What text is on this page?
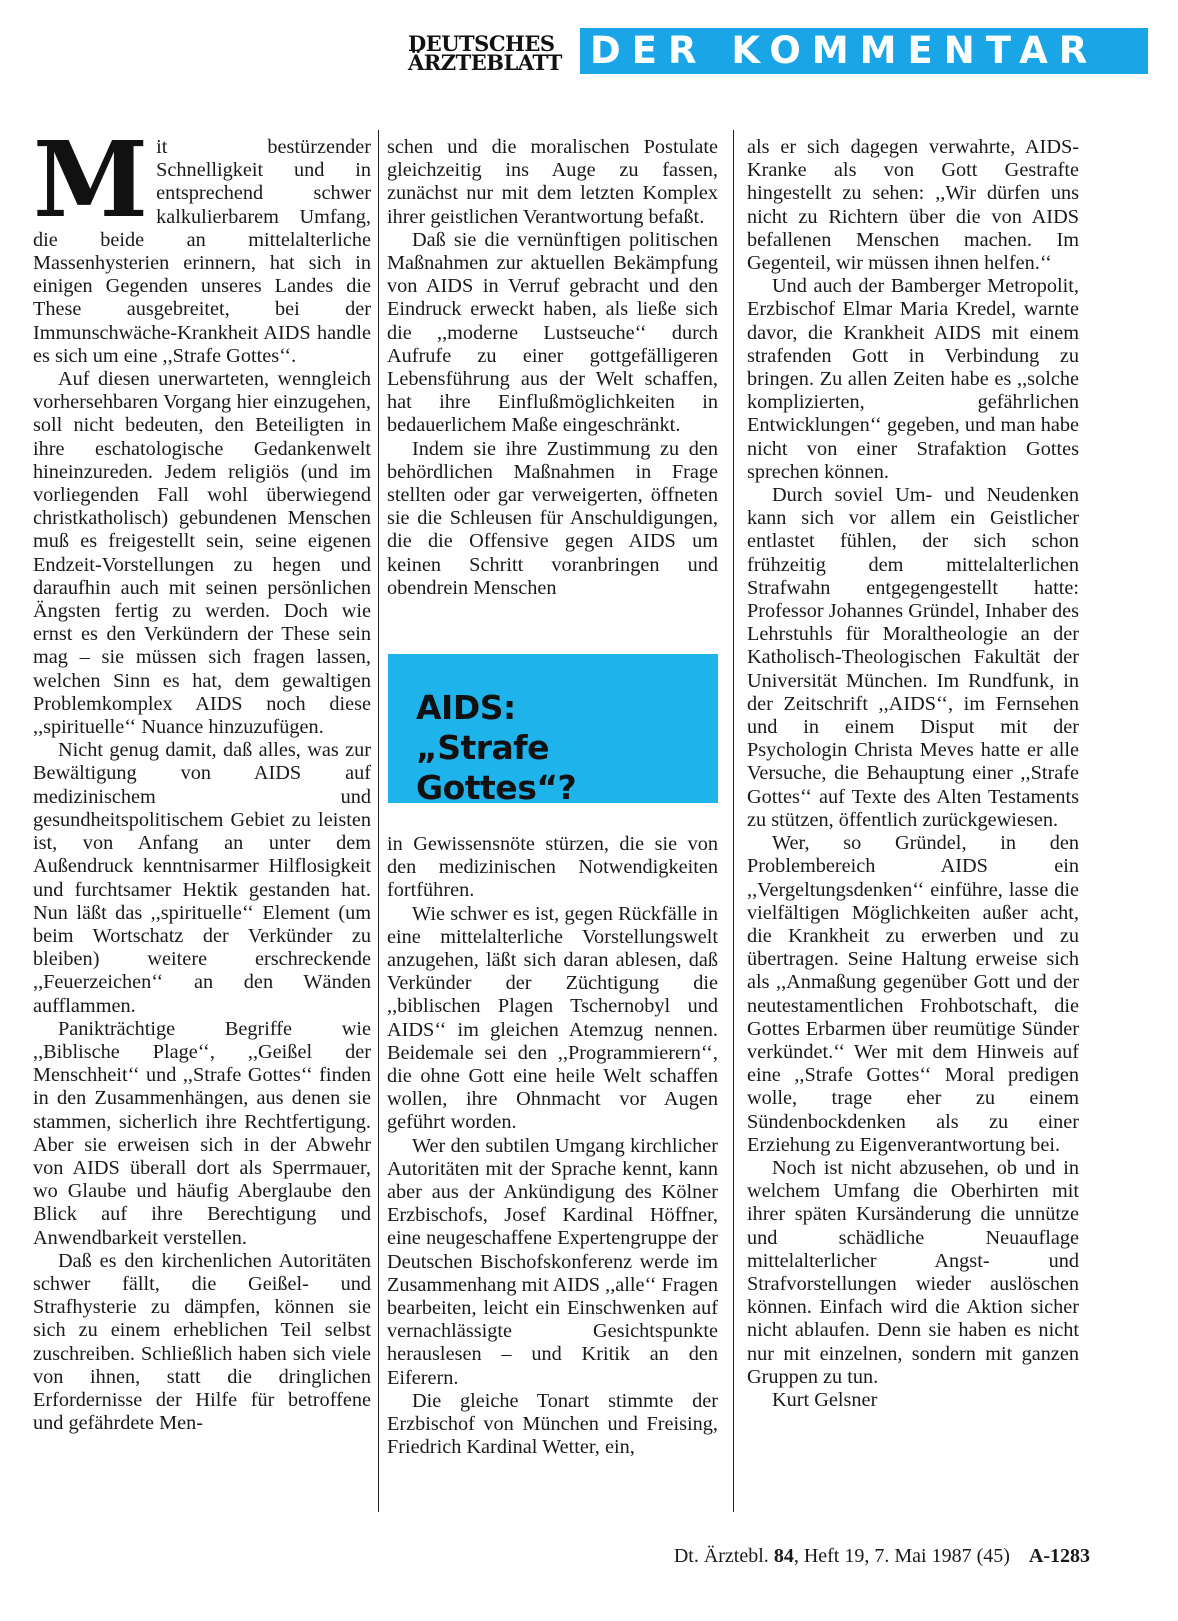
DEUTSCHES
ÄRZTEBLATT DER KOMMENTAR

Mit bestürzender Schnelligkeit und in entsprechend schwer kalkulierbarem Umfang, die beide an mittelalterliche Massenhysterien erinnern, hat sich in einigen Gegenden unseres Landes die These ausgebreitet, bei der Immunschwäche-Krankheit AIDS handle es sich um eine ,,Strafe Gottes‘‘.

Auf diesen unerwarteten, wenngleich vorhersehbaren Vorgang hier einzugehen, soll nicht bedeuten, den Beteiligten in ihre eschatologische Gedankenwelt hineinzureden. Jedem religiös (und im vorliegenden Fall wohl überwiegend christkatholisch) gebundenen Menschen muß es freigestellt sein, seine eigenen Endzeit-Vorstellungen zu hegen und daraufhin auch mit seinen persönlichen Ängsten fertig zu werden. Doch wie ernst es den Verkündern der These sein mag – sie müssen sich fragen lassen, welchen Sinn es hat, dem gewaltigen Problemkomplex AIDS noch diese ,,spirituelle‘‘ Nuance hinzuzufügen.

Nicht genug damit, daß alles, was zur Bewältigung von AIDS auf medizinischem und gesundheitspolitischem Gebiet zu leisten ist, von Anfang an unter dem Außendruck kenntnisarmer Hilflosigkeit und furchtsamer Hektik gestanden hat. Nun läßt das ,,spirituelle‘‘ Element (um beim Wortschatz der Verkünder zu bleiben) weitere erschreckende ,,Feuerzeichen‘‘ an den Wänden aufflammen.

Panikträchtige Begriffe wie ,,Biblische Plage‘‘, ,,Geißel der Menschheit‘‘ und ,,Strafe Gottes‘‘ finden in den Zusammenhängen, aus denen sie stammen, sicherlich ihre Rechtfertigung. Aber sie erweisen sich in der Abwehr von AIDS überall dort als Sperrmauer, wo Glaube und häufig Aberglaube den Blick auf ihre Berechtigung und Anwendbarkeit verstellen.

Daß es den kirchenlichen Autoritäten schwer fällt, die Geißel- und Strafhysterie zu dämpfen, können sie sich zu einem erheblichen Teil selbst zuschreiben. Schließlich haben sich viele von ihnen, statt die dringlichen Erfordernisse der Hilfe für betroffene und gefährdete Men-

schen und die moralischen Postulate gleichzeitig ins Auge zu fassen, zunächst nur mit dem letzten Komplex ihrer geistlichen Verantwortung befaßt.

Daß sie die vernünftigen politischen Maßnahmen zur aktuellen Bekämpfung von AIDS in Verruf gebracht und den Eindruck erweckt haben, als ließe sich die ,,moderne Lustseuche‘‘ durch Aufrufe zu einer gottgefälligeren Lebensführung aus der Welt schaffen, hat ihre Einflußmöglichkeiten in bedauerlichem Maße eingeschränkt.

Indem sie ihre Zustimmung zu den behördlichen Maßnahmen in Frage stellten oder gar verweigerten, öffneten sie die Schleusen für Anschuldigungen, die die Offensive gegen AIDS um keinen Schritt voranbringen und obendrein Menschen

AIDS:
„Strafe Gottes“?

in Gewissensnöte stürzen, die sie von den medizinischen Notwendigkeiten fortführen.

Wie schwer es ist, gegen Rückfälle in eine mittelalterliche Vorstellungswelt anzugehen, läßt sich daran ablesen, daß Verkünder der Züchtigung die ,,biblischen Plagen Tschernobyl und AIDS‘‘ im gleichen Atemzug nennen. Beidemale sei den ,,Programmierern‘‘, die ohne Gott eine heile Welt schaffen wollen, ihre Ohnmacht vor Augen geführt worden.

Wer den subtilen Umgang kirchlicher Autoritäten mit der Sprache kennt, kann aber aus der Ankündigung des Kölner Erzbischofs, Josef Kardinal Höffner, eine neugeschaffene Expertengruppe der Deutschen Bischofskonferenz werde im Zusammenhang mit AIDS ,,alle‘‘ Fragen bearbeiten, leicht ein Einschwenken auf vernachlässigte Gesichtspunkte herauslesen – und Kritik an den Eiferern.

Die gleiche Tonart stimmte der Erzbischof von München und Freising, Friedrich Kardinal Wetter, ein,

als er sich dagegen verwahrte, AIDS-Kranke als von Gott Gestrafte hingestellt zu sehen: ,,Wir dürfen uns nicht zu Richtern über die von AIDS befallenen Menschen machen. Im Gegenteil, wir müssen ihnen helfen.‘‘

Und auch der Bamberger Metropolit, Erzbischof Elmar Maria Kredel, warnte davor, die Krankheit AIDS mit einem strafenden Gott in Verbindung zu bringen. Zu allen Zeiten habe es ,,solche komplizierten, gefährlichen Entwicklungen‘‘ gegeben, und man habe nicht von einer Strafaktion Gottes sprechen können.

Durch soviel Um- und Neudenken kann sich vor allem ein Geistlicher entlastet fühlen, der sich schon frühzeitig dem mittelalterlichen Strafwahn entgegengestellt hatte: Professor Johannes Gründel, Inhaber des Lehrstuhls für Moraltheologie an der Katholisch-Theologischen Fakultät der Universität München. Im Rundfunk, in der Zeitschrift ,,AIDS‘‘, im Fernsehen und in einem Disput mit der Psychologin Christa Meves hatte er alle Versuche, die Behauptung einer ,,Strafe Gottes‘‘ auf Texte des Alten Testaments zu stützen, öffentlich zurückgewiesen.

Wer, so Gründel, in den Problembereich AIDS ein ,,Vergeltungsdenken‘‘ einführe, lasse die vielfältigen Möglichkeiten außer acht, die Krankheit zu erwerben und zu übertragen. Seine Haltung erweise sich als ,,Anmaßung gegenüber Gott und der neutestamentlichen Frohbotschaft, die Gottes Erbarmen über reumütige Sünder verkündet.‘‘ Wer mit dem Hinweis auf eine ,,Strafe Gottes‘‘ Moral predigen wolle, trage eher zu einem Sündenbockdenken als zu einer Erziehung zu Eigenverantwortung bei.

Noch ist nicht abzusehen, ob und in welchem Umfang die Oberhirten mit ihrer späten Kursänderung die unnütze und schädliche Neuauflage mittelalterlicher Angst- und Strafvorstellungen wieder auslöschen können. Einfach wird die Aktion sicher nicht ablaufen. Denn sie haben es nicht nur mit einzelnen, sondern mit ganzen Gruppen zu tun.

Kurt Gelsner

Dt. Ärztebl. 84, Heft 19, 7. Mai 1987 (45) A-1283
